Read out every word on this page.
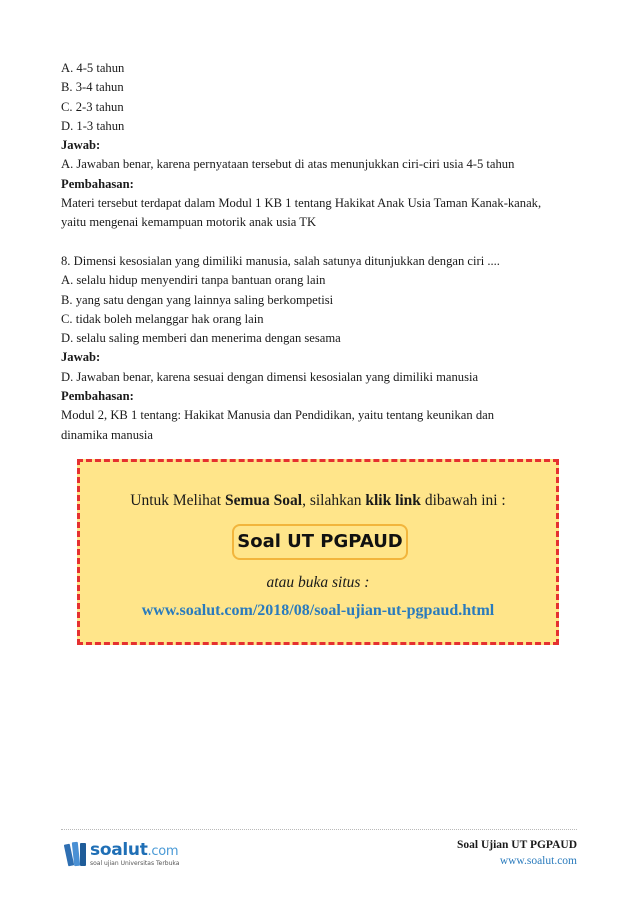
A. 4-5 tahun
B. 3-4 tahun
C. 2-3 tahun
D. 1-3 tahun
Jawab:
A. Jawaban benar, karena pernyataan tersebut di atas menunjukkan ciri-ciri usia 4-5 tahun
Pembahasan:
Materi tersebut terdapat dalam Modul 1 KB 1 tentang Hakikat Anak Usia Taman Kanak-kanak,
yaitu mengenai kemampuan motorik anak usia TK
8. Dimensi kesosialan yang dimiliki manusia, salah satunya ditunjukkan dengan ciri ....
A. selalu hidup menyendiri tanpa bantuan orang lain
B. yang satu dengan yang lainnya saling berkompetisi
C. tidak boleh melanggar hak orang lain
D. selalu saling memberi dan menerima dengan sesama
Jawab:
D. Jawaban benar, karena sesuai dengan dimensi kesosialan yang dimiliki manusia
Pembahasan:
Modul 2, KB 1 tentang: Hakikat Manusia dan Pendidikan, yaitu tentang keunikan dan
dinamika manusia
Untuk Melihat Semua Soal, silahkan klik link dibawah ini :
Soal UT PGPAUD
atau buka situs :
www.soalut.com/2018/08/soal-ujian-ut-pgpaud.html
soalut.com
soal ujian Universitas Terbuka
Soal Ujian UT PGPAUD
www.soalut.com
